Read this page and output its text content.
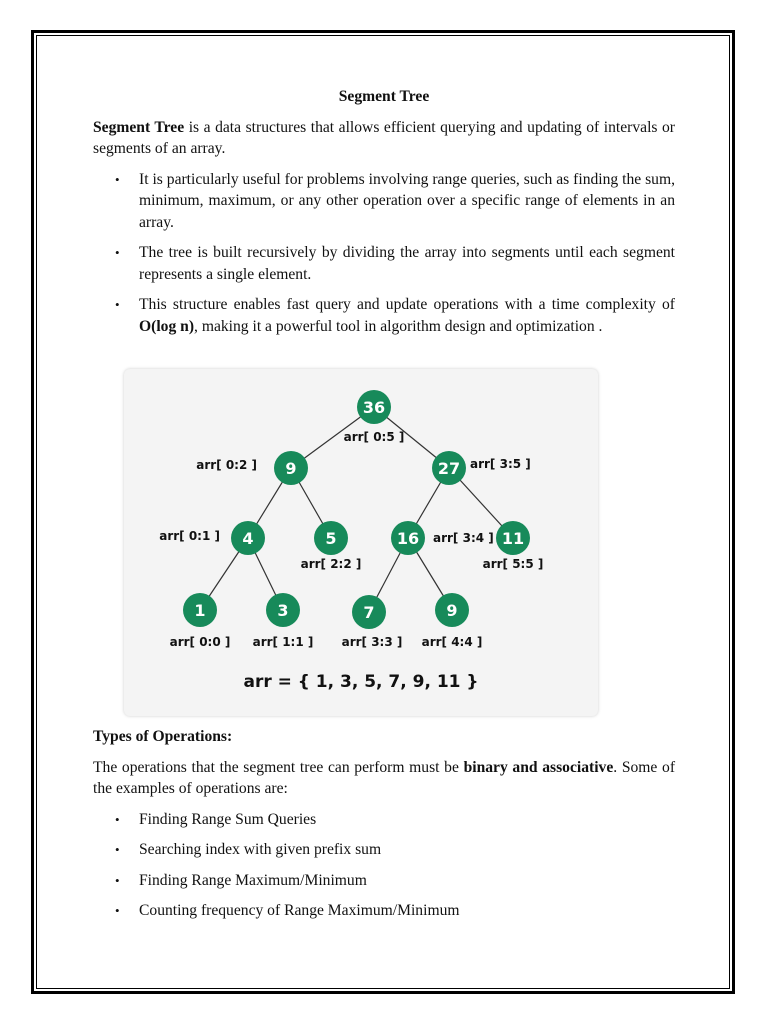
Segment Tree

Segment Tree is a data structures that allows efficient querying and updating of intervals or segments of an array.

• It is particularly useful for problems involving range queries, such as finding the sum, minimum, maximum, or any other operation over a specific range of elements in an array.
• The tree is built recursively by dividing the array into segments until each segment represents a single element.
• This structure enables fast query and update operations with a time complexity of O(log n), making it a powerful tool in algorithm design and optimization .
36
arr[ 0:5 ]
9
arr[ 0:2 ]	27 arr[ 3:5 ]
4
arr[ 0:1 ]	5
arr[ 2:2 ]
16 arr[ 3:4 ] 11
arr[ 5:5 ]
1
arr[ 0:0 ]
3
arr[ 1:1 ]
7
arr[ 3:3 ]
9
arr[ 4:4 ]
arr = { 1, 3, 5, 7, 9, 11 }

Types of Operations:

The operations that the segment tree can perform must be binary and associative. Some of the examples of operations are:

• Finding Range Sum Queries
• Searching index with given prefix sum
• Finding Range Maximum/Minimum
• Counting frequency of Range Maximum/Minimum
